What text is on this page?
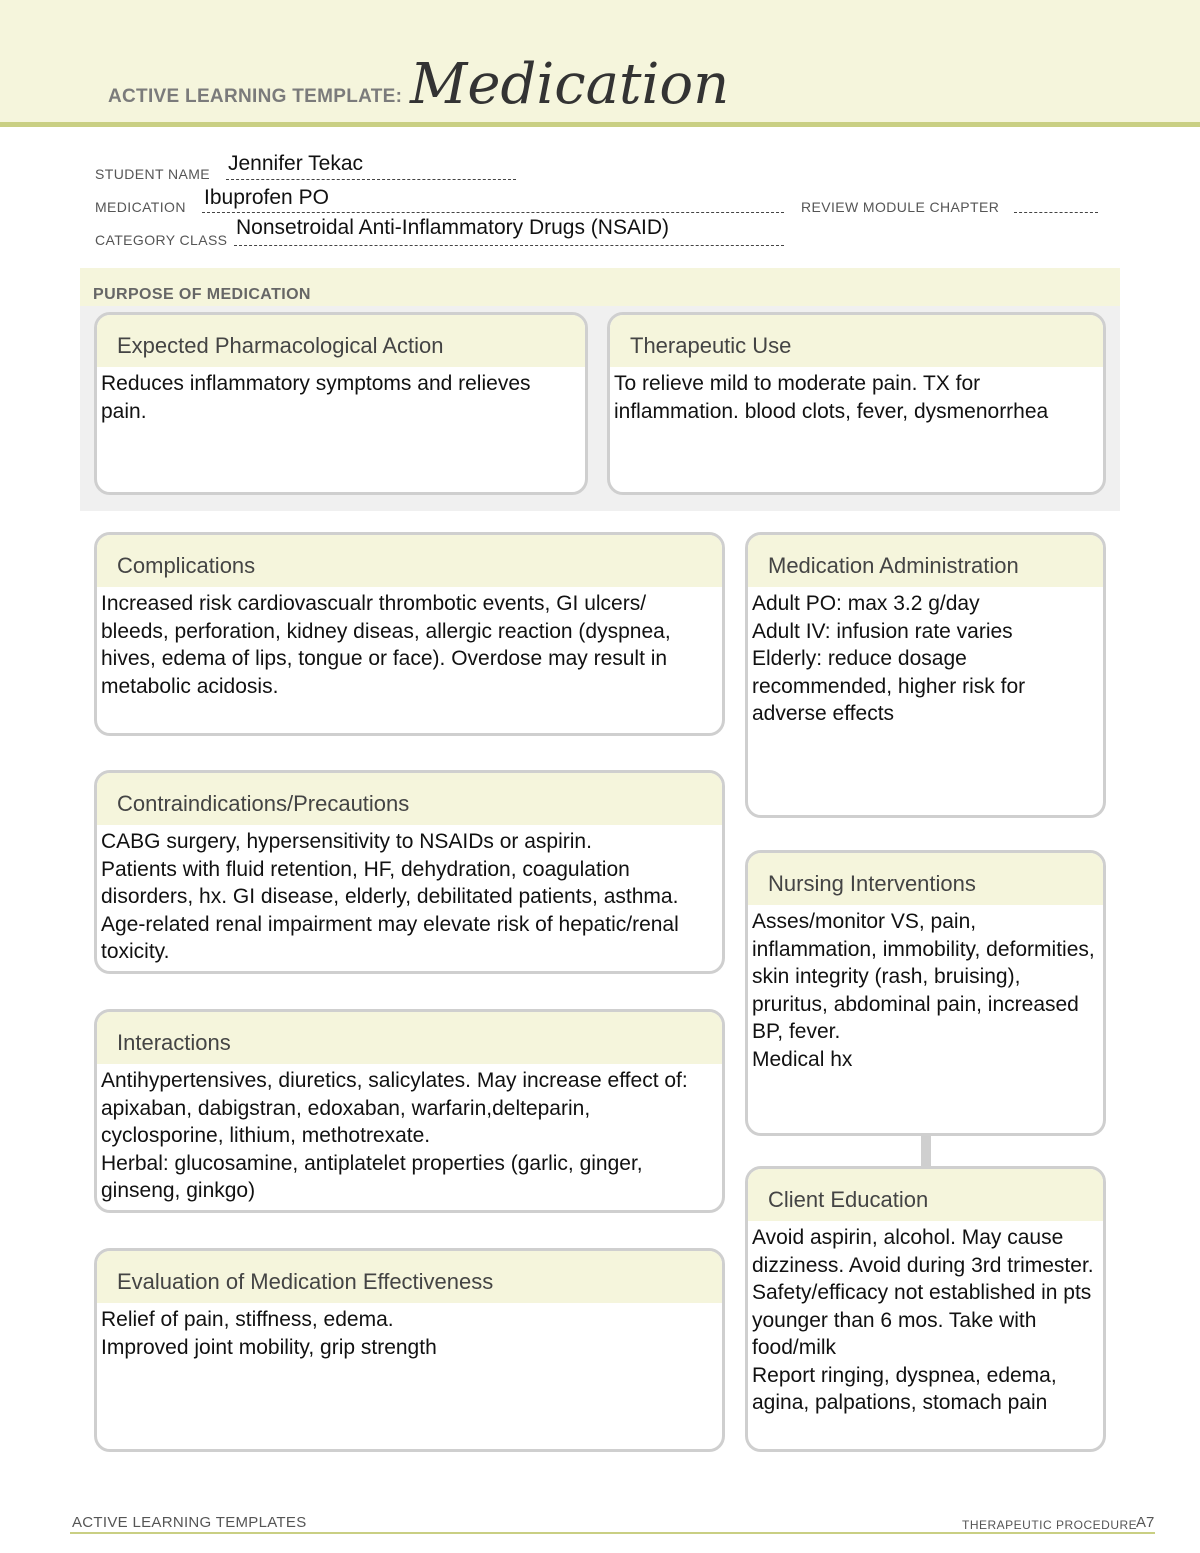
ACTIVE LEARNING TEMPLATE: Medication
STUDENT NAME Jennifer Tekac
MEDICATION Ibuprofen PO	REVIEW MODULE CHAPTER
CATEGORY CLASS
Nonsetroidal Anti-Inflammatory Drugs (NSAID)
PURPOSE OF MEDICATION
Expected Pharmacological Action
Reduces inflammatory symptoms and relieves pain.
Therapeutic Use
To relieve mild to moderate pain. TX for inflammation. blood clots, fever, dysmenorrhea
Complications
Increased risk cardiovascualr thrombotic events, GI ulcers/ bleeds, perforation, kidney diseas, allergic reaction (dyspnea, hives, edema of lips, tongue or face). Overdose may result in metabolic acidosis.
Contraindications/Precautions
CABG surgery, hypersensitivity to NSAIDs or aspirin.
Patients with fluid retention, HF, dehydration, coagulation disorders, hx. GI disease, elderly, debilitated patients, asthma. Age-related renal impairment may elevate risk of hepatic/renal toxicity.
Interactions
Antihypertensives, diuretics, salicylates. May increase effect of: apixaban, dabigstran, edoxaban, warfarin,delteparin, cyclosporine, lithium, methotrexate.
Herbal: glucosamine, antiplatelet properties (garlic, ginger, ginseng, ginkgo)
Evaluation of Medication Effectiveness
Relief of pain, stiffness, edema.
Improved joint mobility, grip strength
Medication Administration
Adult PO: max 3.2 g/day
Adult IV: infusion rate varies
Elderly: reduce dosage recommended, higher risk for adverse effects
Nursing Interventions
Asses/monitor VS, pain, inflammation, immobility, deformities, skin integrity (rash, bruising), pruritus, abdominal pain, increased BP, fever.
Medical hx
Client Education
Avoid aspirin, alcohol. May cause dizziness. Avoid during 3rd trimester. Safety/efficacy not established in pts younger than 6 mos. Take with food/milk
Report ringing, dyspnea, edema, agina, palpations, stomach pain
ACTIVE LEARNING TEMPLATES	THERAPEUTIC PROCEDURE
A7
